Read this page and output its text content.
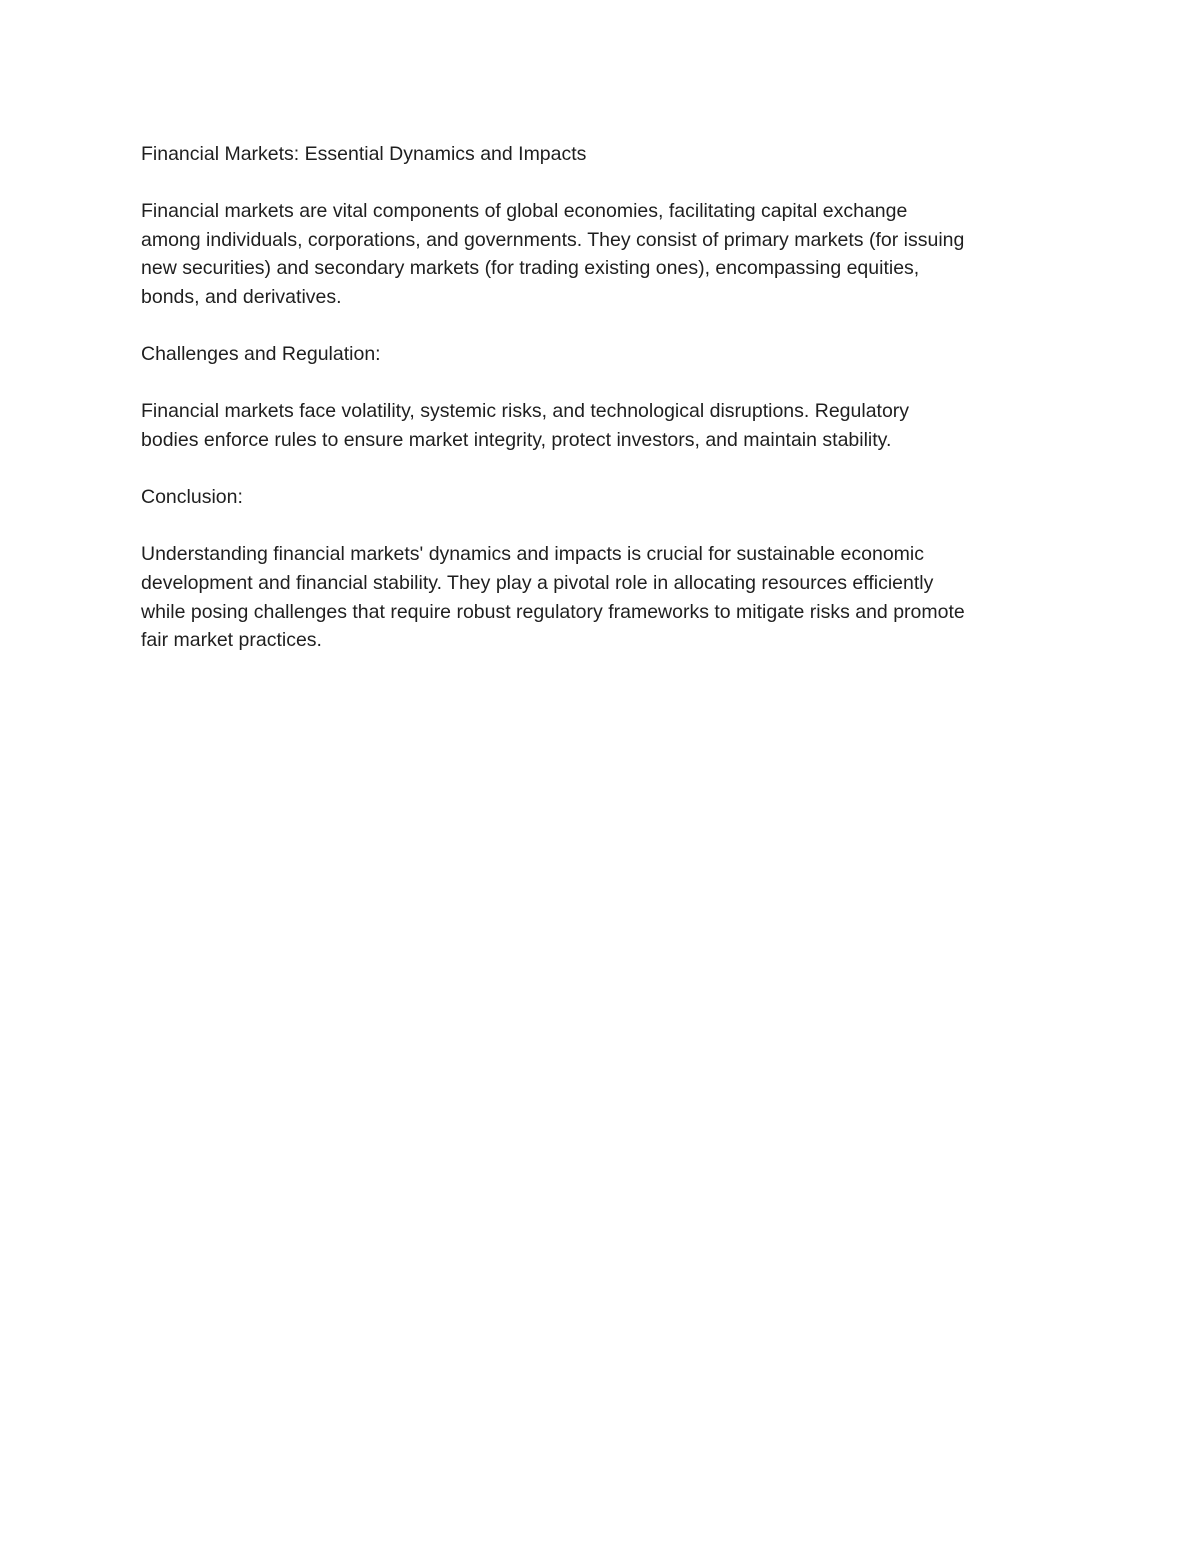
Financial Markets: Essential Dynamics and Impacts

Financial markets are vital components of global economies, facilitating capital exchange
among individuals, corporations, and governments. They consist of primary markets (for issuing
new securities) and secondary markets (for trading existing ones), encompassing equities,
bonds, and derivatives.

Challenges and Regulation:

Financial markets face volatility, systemic risks, and technological disruptions. Regulatory
bodies enforce rules to ensure market integrity, protect investors, and maintain stability.

Conclusion:

Understanding financial markets' dynamics and impacts is crucial for sustainable economic
development and financial stability. They play a pivotal role in allocating resources efficiently
while posing challenges that require robust regulatory frameworks to mitigate risks and promote
fair market practices.
